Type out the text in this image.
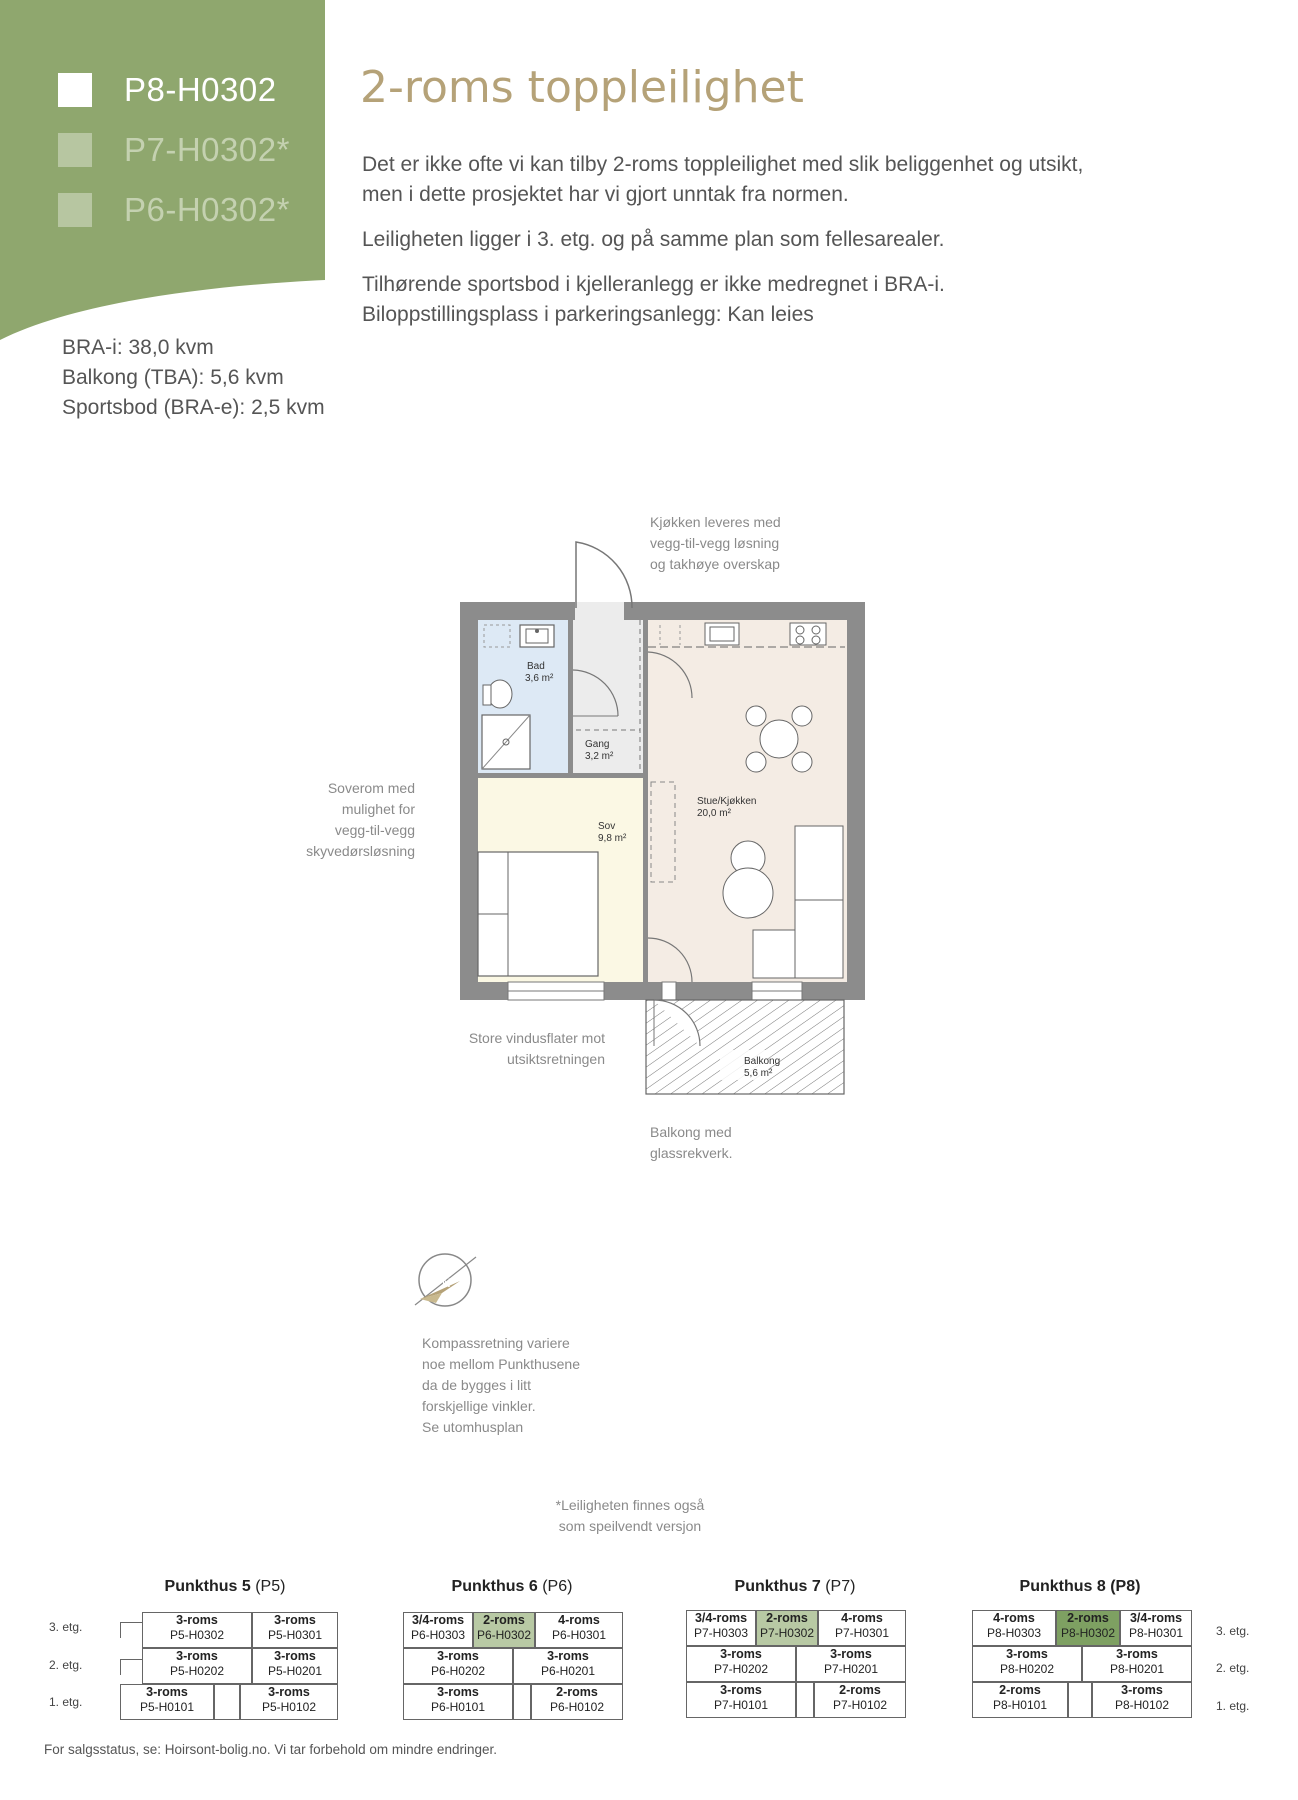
P8-H0302
P7-H0302*
P6-H0302*
2-roms toppleilighet

Det er ikke ofte vi kan tilby 2-roms toppleilighet med slik beliggenhet og utsikt, men i dette prosjektet har vi gjort unntak fra normen.

Leiligheten ligger i 3. etg. og på samme plan som fellesarealer.

Tilhørende sportsbod i kjelleranlegg er ikke medregnet i BRA-i. Biloppstillingsplass i parkeringsanlegg: Kan leies

BRA-i: 38,0 kvm
Balkong (TBA): 5,6 kvm
Sportsbod (BRA-e): 2,5 kvm
Kjøkken leveres med
vegg-til-vegg løsning
og takhøye overskap
Soverom med
mulighet for
vegg-til-vegg
skyvedørsløsning
Store vindusflater mot
utsiktsretningen
Balkong med
glassrekverk.
Bad
3,6 m²
Gang
3,2 m²
Sov
9,8 m²
Stue/Kjøkken
20,0 m²
Balkong
5,6 m²
N
Kompassretning variere
noe mellom Punkthusene
da de bygges i litt
forskjellige vinkler.
Se utomhusplan
*Leiligheten finnes også
som speilvendt versjon
Punkthus 5 (P5)
3. etg.
2. etg.
1. etg.
3-roms
P5-H0302
3-roms
P5-H0301
3-roms
P5-H0202
3-roms
P5-H0201
3-roms
P5-H0101
3-roms
P5-H0102
Punkthus 6 (P6)
3/4-roms
P6-H0303
2-roms
P6-H0302
4-roms
P6-H0301
3-roms
P6-H0202
3-roms
P6-H0201
3-roms
P6-H0101
2-roms
P6-H0102
Punkthus 7 (P7)
3/4-roms
P7-H0303
2-roms
P7-H0302
4-roms
P7-H0301
3-roms
P7-H0202
3-roms
P7-H0201
3-roms
P7-H0101
2-roms
P7-H0102
Punkthus 8 (P8)
4-roms
P8-H0303
2-roms
P8-H0302
3/4-roms
P8-H0301
3-roms
P8-H0202
3-roms
P8-H0201
2-roms
P8-H0101
3-roms
P8-H0102
3. etg.
2. etg.
1. etg.
For salgsstatus, se: Hoirsont-bolig.no. Vi tar forbehold om mindre endringer.
